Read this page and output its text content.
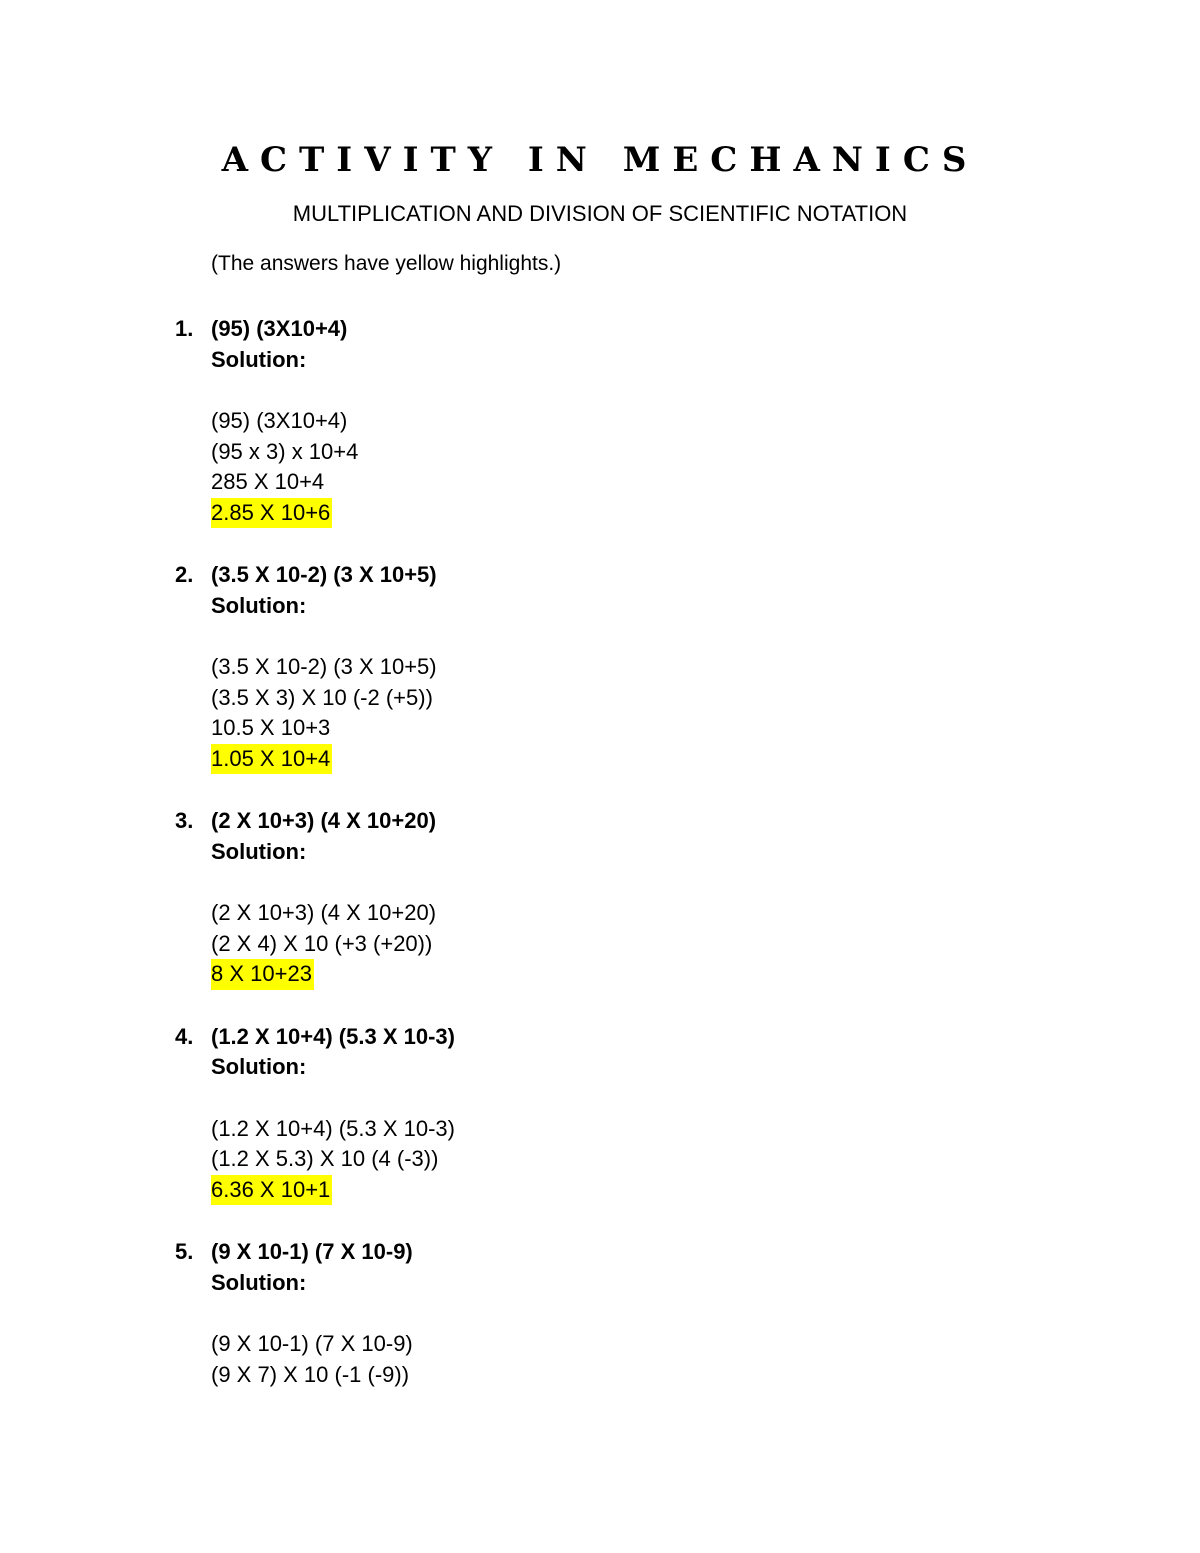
ACTIVITY IN MECHANICS
MULTIPLICATION AND DIVISION OF SCIENTIFIC NOTATION
(The answers have yellow highlights.)
1. (95) (3X10+4)
Solution:
(95) (3X10+4)
(95 x 3) x 10+4
285 X 10+4
2.85 X 10+6
2. (3.5 X 10-2) (3 X 10+5)
Solution:
(3.5 X 10-2) (3 X 10+5)
(3.5 X 3) X 10 (-2 (+5))
10.5 X 10+3
1.05 X 10+4
3. (2 X 10+3) (4 X 10+20)
Solution:
(2 X 10+3) (4 X 10+20)
(2 X 4) X 10 (+3 (+20))
8 X 10+23
4. (1.2 X 10+4) (5.3 X 10-3)
Solution:
(1.2 X 10+4) (5.3 X 10-3)
(1.2 X 5.3) X 10 (4 (-3))
6.36 X 10+1
5. (9 X 10-1) (7 X 10-9)
Solution:
(9 X 10-1) (7 X 10-9)
(9 X 7) X 10 (-1 (-9))
